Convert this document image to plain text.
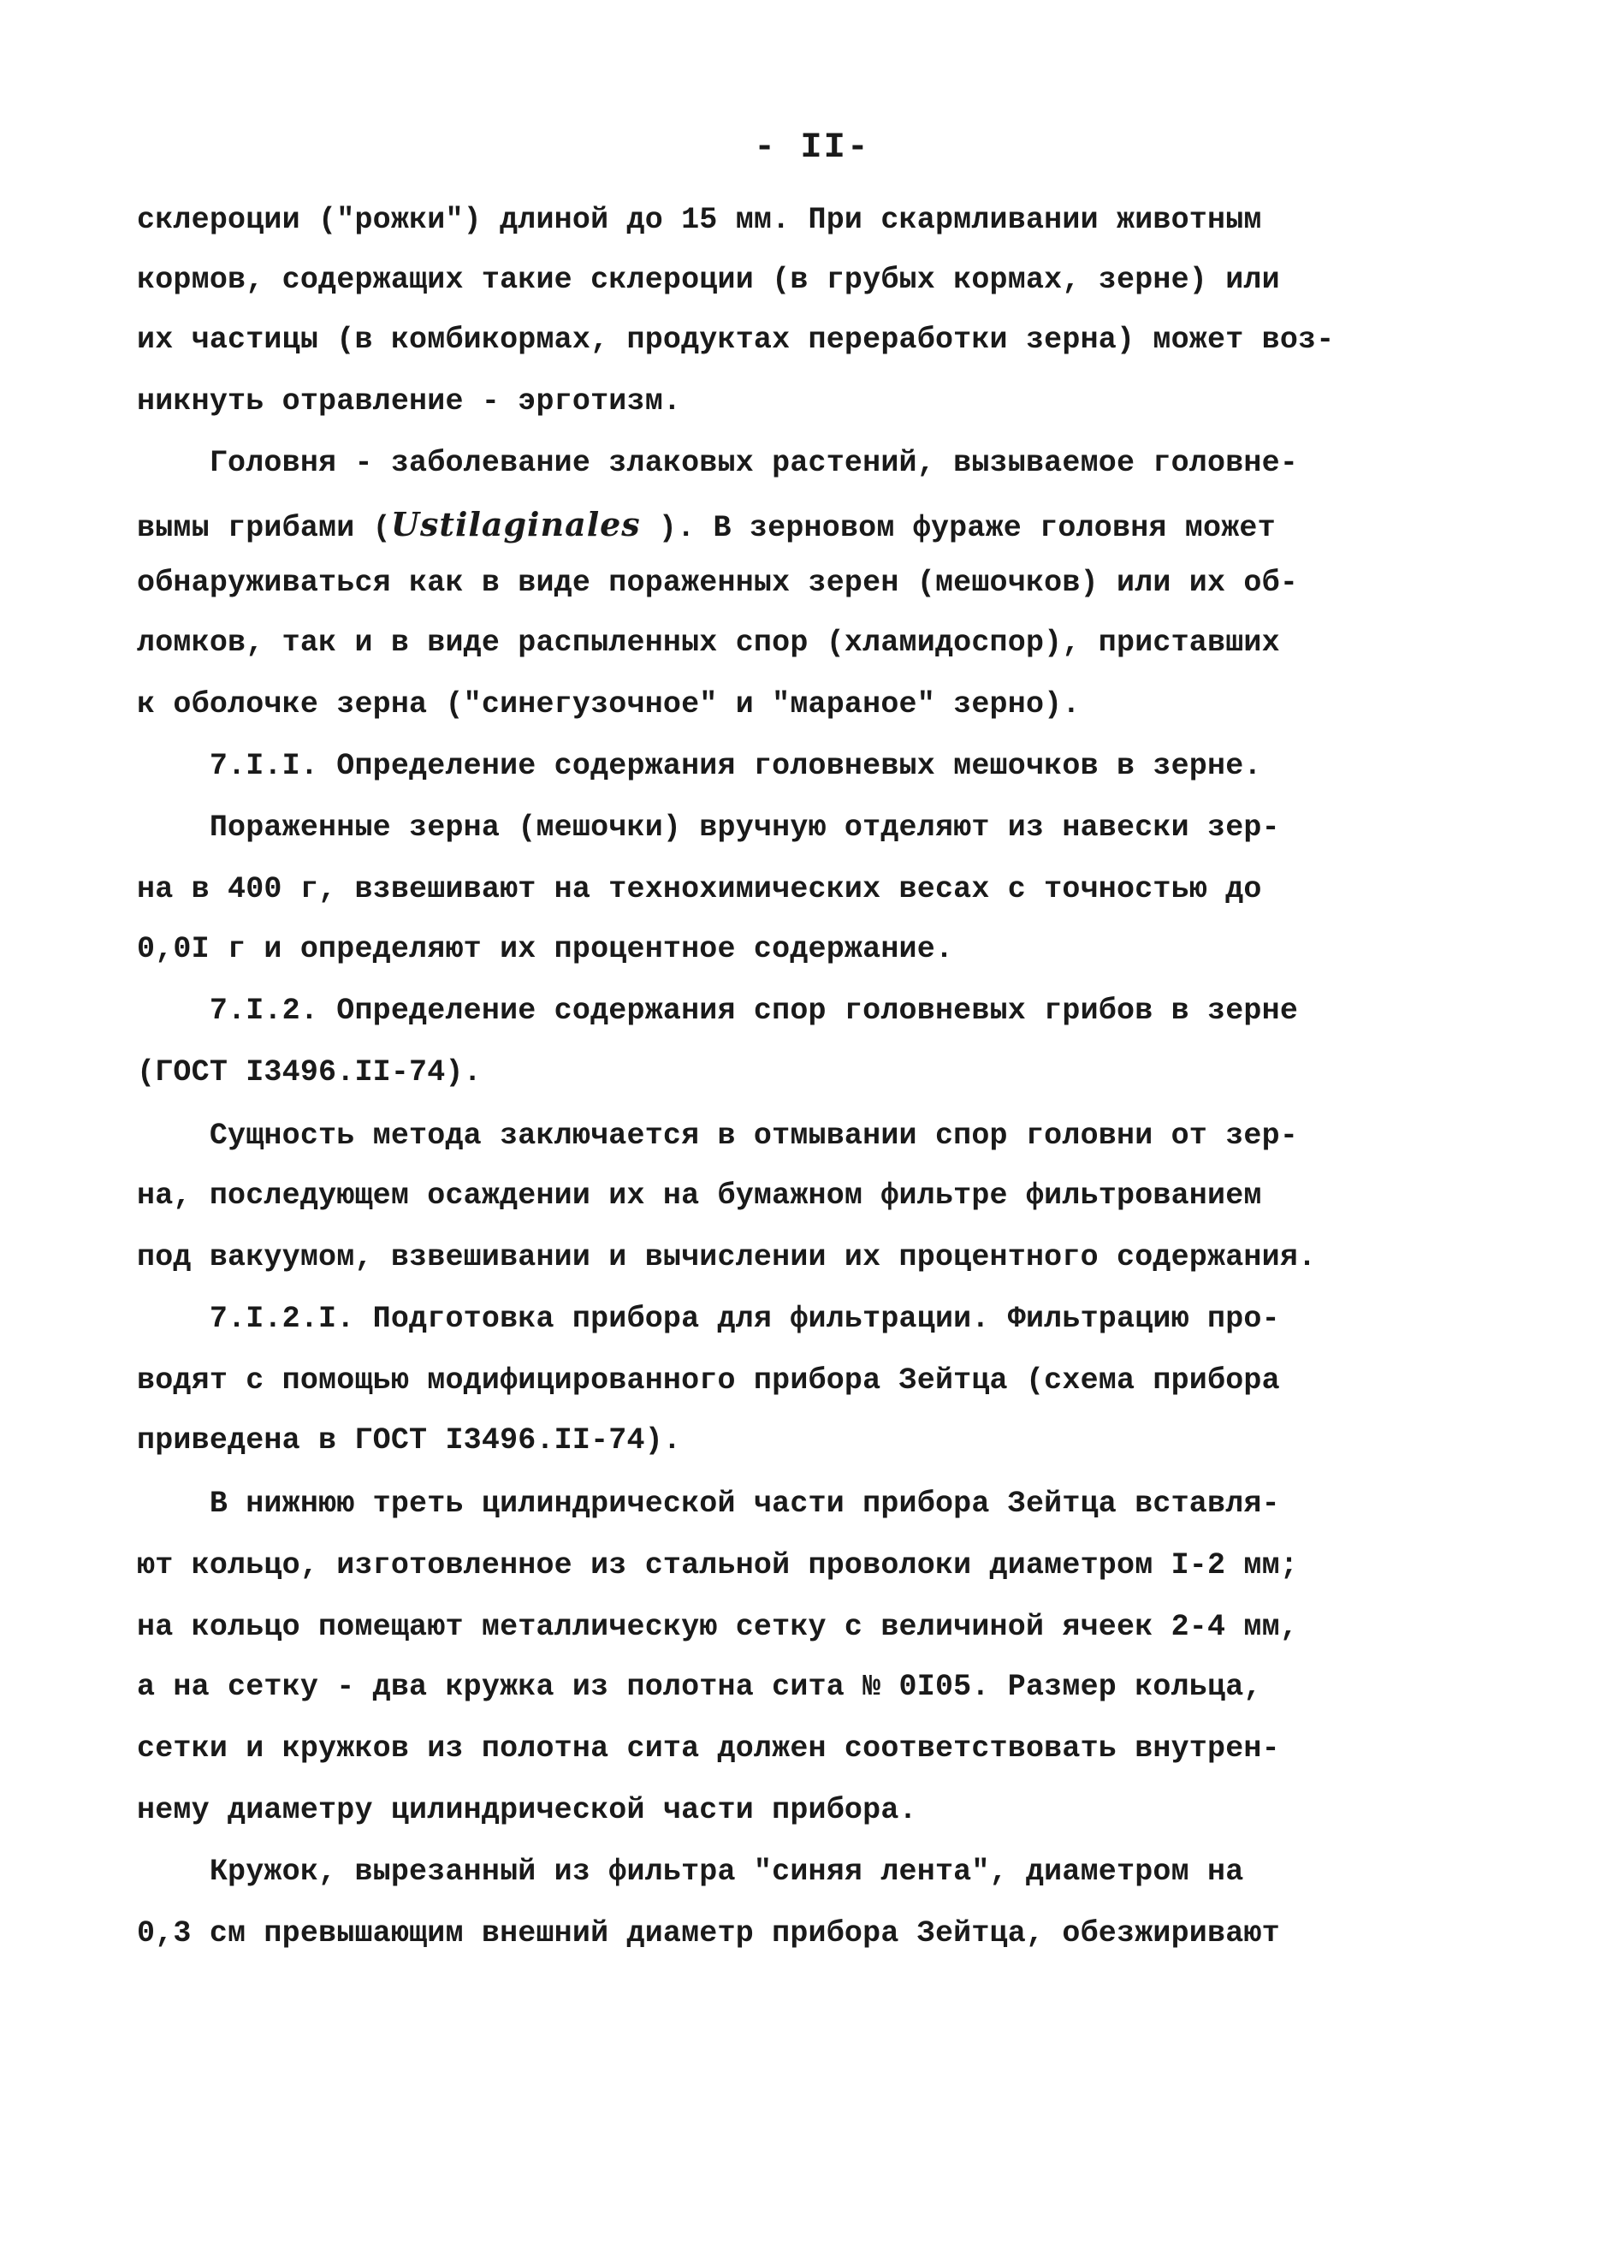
- II-
склероции ("рожки") длиной до 15 мм. При скармливании животным
кормов, содержащих такие склероции (в грубых кормах, зерне) или
их частицы (в комбикормах, продуктах переработки зерна) может воз-
никнуть отравление - эрготизм.
Головня - заболевание злаковых растений, вызываемое головне-
вымы грибами (Ustilaginales ). В зерновом фураже головня может
обнаруживаться как в виде пораженных зерен (мешочков) или их об-
ломков, так и в виде распыленных спор (хламидоспор), приставших
к оболочке зерна ("синегузочное" и "мараное" зерно).
7.I.I. Определение содержания головневых мешочков в зерне.
Пораженные зерна (мешочки) вручную отделяют из навески зер-
на в 400 г, взвешивают на технохимических весах с точностью до
0,0I г и определяют их процентное содержание.
7.I.2. Определение содержания спор головневых грибов в зерне
(ГОСТ I3496.II-74).
Сущность метода заключается в отмывании спор головни от зер-
на, последующем осаждении их на бумажном фильтре фильтрованием
под вакуумом, взвешивании и вычислении их процентного содержания.
7.I.2.I. Подготовка прибора для фильтрации. Фильтрацию про-
водят с помощью модифицированного прибора Зейтца (схема прибора
приведена в ГОСТ I3496.II-74).
В нижнюю треть цилиндрической части прибора Зейтца вставля-
ют кольцо, изготовленное из стальной проволоки диаметром I-2 мм;
на кольцо помещают металлическую сетку с величиной ячеек 2-4 мм,
а на сетку - два кружка из полотна сита № 0I05. Размер кольца,
сетки и кружков из полотна сита должен соответствовать внутрен-
нему диаметру цилиндрической части прибора.
Кружок, вырезанный из фильтра "синяя лента", диаметром на
0,3 см превышающим внешний диаметр прибора Зейтца, обезжиривают
